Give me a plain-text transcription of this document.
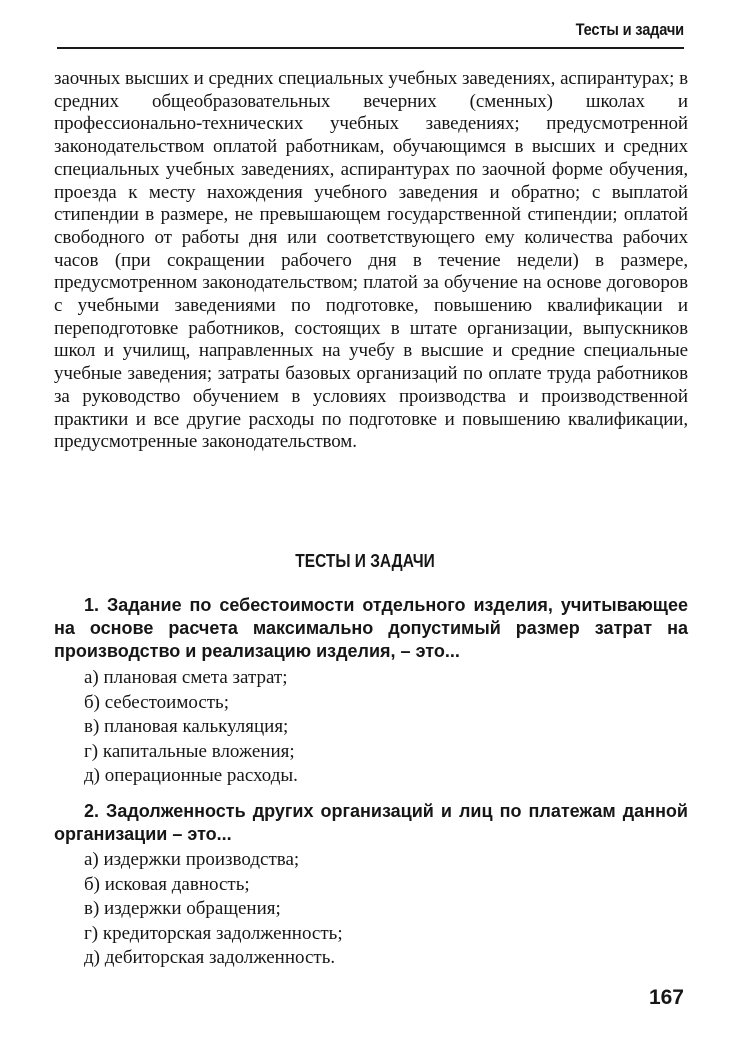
Тесты и задачи

заочных высших и средних специальных учебных заведениях, аспирантурах; в средних общеобразовательных вечерних (сменных) школах и профессионально-технических учебных заведениях; предусмотренной законодательством оплатой работникам, обучающимся в высших и средних специальных учебных заведениях, аспирантурах по заочной форме обучения, проезда к месту нахождения учебного заведения и обратно; с выплатой стипендии в размере, не превышающем государственной стипендии; оплатой свободного от работы дня или соответствующего ему количества рабочих часов (при сокращении рабочего дня в течение недели) в размере, предусмотренном законодательством; платой за обучение на основе договоров с учебными заведениями по подготовке, повышению квалификации и переподготовке работников, состоящих в штате организации, выпускников школ и училищ, направленных на учебу в высшие и средние специальные учебные заведения; затраты базовых организаций по оплате труда работников за руководство обучением в условиях производства и производственной практики и все другие расходы по подготовке и повышению квалификации, предусмотренные законодательством.

ТЕСТЫ И ЗАДАЧИ

1. Задание по себестоимости отдельного изделия, учитывающее на основе расчета максимально допустимый размер затрат на производство и реализацию изделия, – это...

а) плановая смета затрат;
б) себестоимость;
в) плановая калькуляция;
г) капитальные вложения;
д) операционные расходы.

2. Задолженность других организаций и лиц по платежам данной организации – это...

а) издержки производства;
б) исковая давность;
в) издержки обращения;
г) кредиторская задолженность;
д) дебиторская задолженность.
167
